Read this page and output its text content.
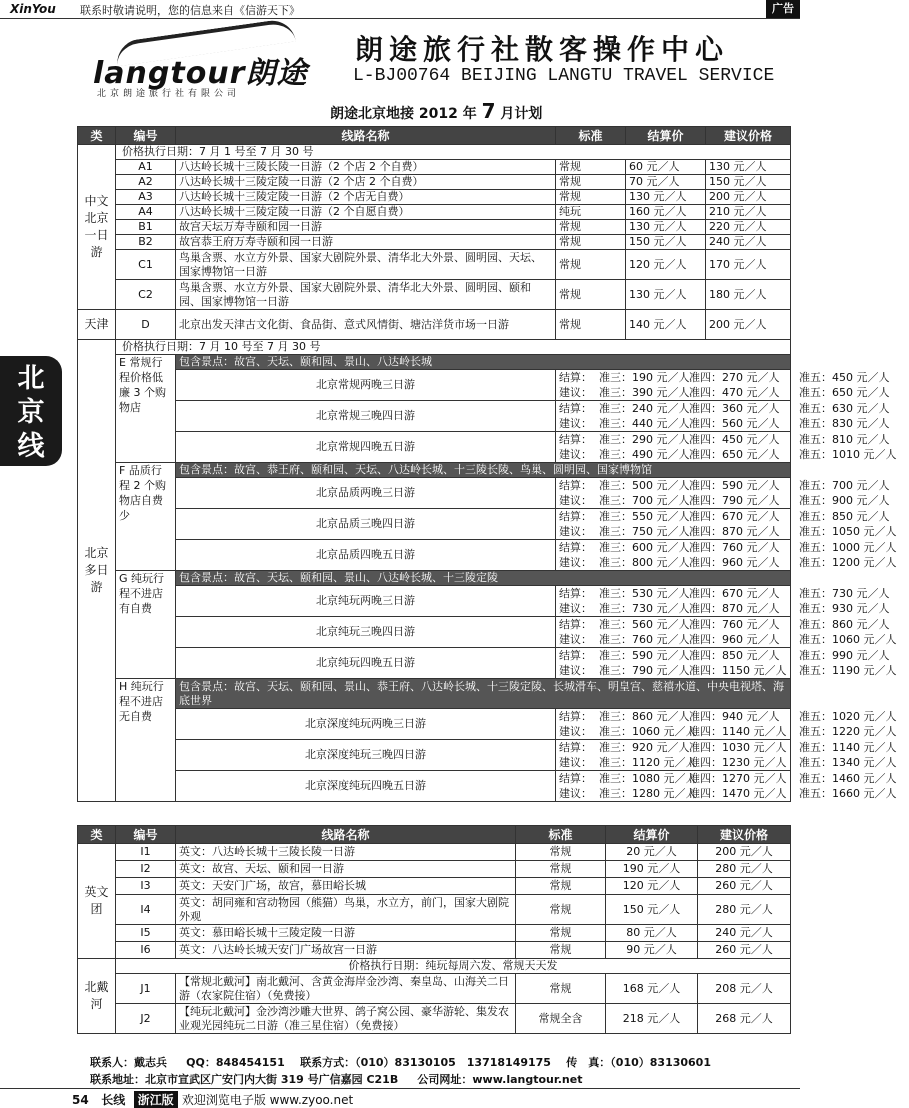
XinYou 联系时敬请说明，您的信息来自《信游天下》	广告
langtour朗途
北京朗途旅行社有限公司
朗途旅行社散客操作中心
L-BJ00764 BEIJING LANGTU TRAVEL SERVICE
朗途北京地接 2012 年 7 月计划
北
京
线
类	编号	线路名称	标准	结算价	建议价格
中文北京一日游	价格执行日期：7 月 1 号至 7 月 30 号				
	A1	八达岭长城十三陵长陵一日游（2 个店 2 个自费）	常规	60 元／人	130 元／人
	A2	八达岭长城十三陵定陵一日游（2 个店 2 个自费）	常规	70 元／人	150 元／人
	A3	八达岭长城十三陵定陵一日游（2 个店无自费）	常规	130 元／人	200 元／人
	A4	八达岭长城十三陵定陵一日游（2 个自愿自费）	纯玩	160 元／人	210 元／人
	B1	故宫天坛万寿寺颐和园一日游	常规	130 元／人	220 元／人
	B2	故宫恭王府万寿寺颐和园一日游	常规	150 元／人	240 元／人
	C1	鸟巢含票、水立方外景、国家大剧院外景、清华北大外景、圆明园、天坛、国家博物馆一日游	常规	120 元／人	170 元／人
	C2	鸟巢含票、水立方外景、国家大剧院外景、清华北大外景、圆明园、颐和园、国家博物馆一日游	常规	130 元／人	180 元／人
天津	D	北京出发天津古文化街、食品街、意式风情街、塘沽洋货市场一日游	常规	140 元／人	200 元／人
北京多日游	价格执行日期：7 月 10 号至 7 月 30 号				
	E 常规行程价格低廉 3 个购物店	包含景点：故宫、天坛、颐和园、景山、八达岭长城			
		北京常规两晚三日游	结算： 准三：190 元／人准四：270 元／人 准五：450 元／人
建议： 准三：390 元／人准四：470 元／人 准五：650 元／人		

		北京常规三晚四日游	结算： 准三：240 元／人准四：360 元／人 准五：630 元／人
建议： 准三：440 元／人准四：560 元／人 准五：830 元／人		

		北京常规四晚五日游	结算： 准三：290 元／人准四：450 元／人 准五：810 元／人
建议： 准三：490 元／人准四：650 元／人 准五：1010 元／人		

	F 品质行程 2 个购物店自费少	包含景点：故宫、恭王府、颐和园、天坛、八达岭长城、十三陵长陵、鸟巢、圆明园、国家博物馆			
		北京品质两晚三日游	结算： 准三：500 元／人准四：590 元／人 准五：700 元／人
建议： 准三：700 元／人准四：790 元／人 准五：900 元／人		

		北京品质三晚四日游	结算： 准三：550 元／人准四：670 元／人 准五：850 元／人
建议： 准三：750 元／人准四：870 元／人 准五：1050 元／人		

		北京品质四晚五日游	结算： 准三：600 元／人准四：760 元／人 准五：1000 元／人
建议： 准三：800 元／人准四：960 元／人 准五：1200 元／人		

	G 纯玩行程不进店有自费	包含景点：故宫、天坛、颐和园、景山、八达岭长城、十三陵定陵			
		北京纯玩两晚三日游	结算： 准三：530 元／人准四：670 元／人 准五：730 元／人
建议： 准三：730 元／人准四：870 元／人 准五：930 元／人		

		北京纯玩三晚四日游	结算： 准三：560 元／人准四：760 元／人 准五：860 元／人
建议： 准三：760 元／人准四：960 元／人 准五：1060 元／人		

		北京纯玩四晚五日游	结算： 准三：590 元／人准四：850 元／人 准五：990 元／人
建议： 准三：790 元／人准四：1150 元／人 准五：1190 元／人		

	H 纯玩行程不进店无自费	包含景点：故宫、天坛、颐和园、景山、恭王府、八达岭长城、十三陵定陵、长城滑车、明皇宫、慈禧水道、中央电视塔、海底世界			
		北京深度纯玩两晚三日游	结算： 准三：860 元／人准四：940 元／人 准五：1020 元／人
建议： 准三：1060 元／人准四：1140 元／人 准五：1220 元／人		

		北京深度纯玩三晚四日游	结算： 准三：920 元／人准四：1030 元／人 准五：1140 元／人
建议： 准三：1120 元／人准四：1230 元／人 准五：1340 元／人		

		北京深度纯玩四晚五日游	结算： 准三：1080 元／人准四：1270 元／人 准五：1460 元／人
建议： 准三：1280 元／人准四：1470 元／人 准五：1660 元／人		
类	编号	线路名称	标准	结算价	建议价格
英文团	I1	英文：八达岭长城十三陵长陵一日游	常规	20 元／人	200 元／人
	I2	英文：故宫、天坛、颐和园一日游	常规	190 元／人	280 元／人
	I3	英文：天安门广场，故宫，慕田峪长城	常规	120 元／人	260 元／人
	I4	英文：胡同雍和宫动物园（熊猫）鸟巢，水立方，前门，国家大剧院外观	常规	150 元／人	280 元／人
	I5	英文：慕田峪长城十三陵定陵一日游	常规	80 元／人	240 元／人
	I6	英文：八达岭长城天安门广场故宫一日游	常规	90 元／人	260 元／人
北戴河	价格执行日期：纯玩每周六发、常规天天发				
	J1	【常规北戴河】南北戴河、含黄金海岸金沙湾、秦皇岛、山海关二日游（农家院住宿）（免费接）	常规	168 元／人	208 元／人
	J2	【纯玩北戴河】金沙湾沙雕大世界、鸽子窝公园、豪华游轮、集发农业观光园纯玩二日游（准三星住宿）（免费接）	常规全含	218 元／人	268 元／人
联系人：戴志兵 QQ：848454151 联系方式：（010）83130105　13718149175 传　真：（010）83130601
联系地址：北京市宣武区广安门内大街 319 号广信嘉园 C21B 公司网址：www.langtour.net
54 长线 浙江版 欢迎浏览电子版 www.zyoo.net
